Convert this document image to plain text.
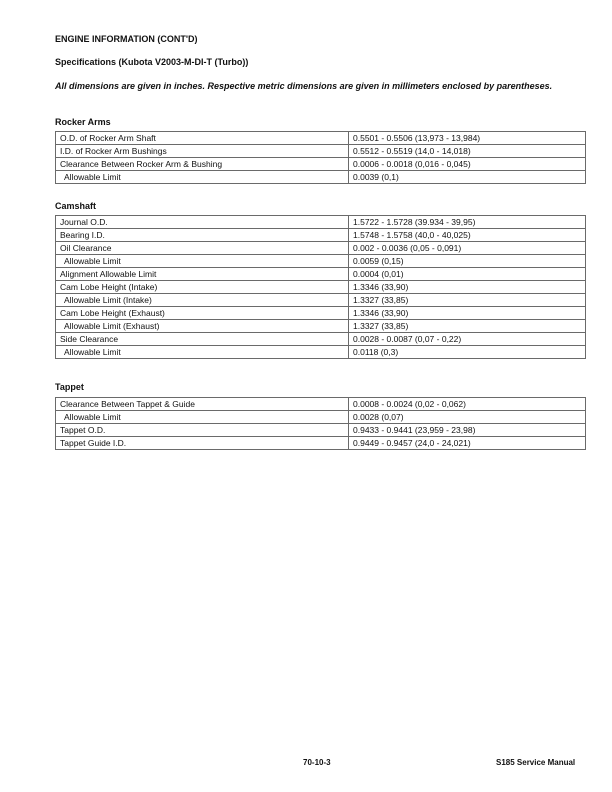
ENGINE INFORMATION (CONT'D)
Specifications (Kubota V2003-M-DI-T (Turbo))
All dimensions are given in inches. Respective metric dimensions are given in millimeters enclosed by parentheses.
Rocker Arms
O.D. of Rocker Arm Shaft	0.5501 - 0.5506 (13,973 - 13,984)
I.D. of Rocker Arm Bushings	0.5512 - 0.5519 (14,0 - 14,018)
Clearance Between Rocker Arm & Bushing	0.0006 - 0.0018 (0,016 - 0,045)
Allowable Limit	0.0039 (0,1)
Camshaft
Journal O.D.	1.5722 - 1.5728 (39.934 - 39,95)
Bearing I.D.	1.5748 - 1.5758 (40,0 - 40,025)
Oil Clearance	0.002 - 0.0036 (0,05 - 0,091)
Allowable Limit	0.0059 (0,15)
Alignment Allowable Limit	0.0004 (0,01)
Cam Lobe Height (Intake)	1.3346 (33,90)
Allowable Limit (Intake)	1.3327 (33,85)
Cam Lobe Height (Exhaust)	1.3346 (33,90)
Allowable Limit (Exhaust)	1.3327 (33,85)
Side Clearance	0.0028 - 0.0087 (0,07 - 0,22)
Allowable Limit	0.0118 (0,3)
Tappet
Clearance Between Tappet & Guide	0.0008 - 0.0024 (0,02 - 0,062)
Allowable Limit	0.0028 (0,07)
Tappet O.D.	0.9433 - 0.9441 (23,959 - 23,98)
Tappet Guide I.D.	0.9449 - 0.9457 (24,0 - 24,021)
70-10-3	S185 Service Manual
